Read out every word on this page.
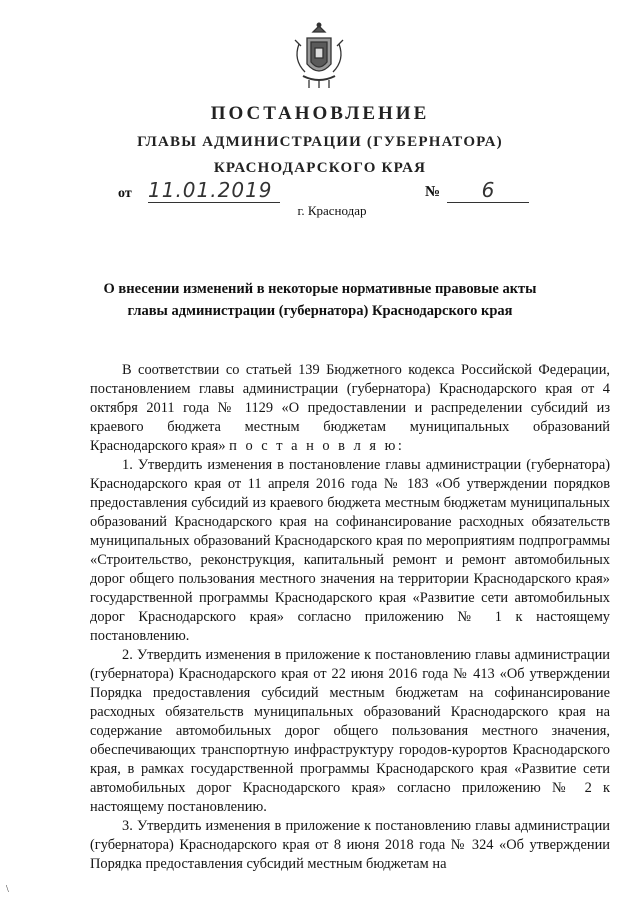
ПОСТАНОВЛЕНИЕ
ГЛАВЫ АДМИНИСТРАЦИИ (ГУБЕРНАТОРА)
КРАСНОДАРСКОГО КРАЯ
от 11.01.2019	№	6
г. Краснодар
О внесении изменений в некоторые нормативные правовые акты
главы администрации (губернатора) Краснодарского края

В соответствии со статьей 139 Бюджетного кодекса Российской Федерации, постановлением главы администрации (губернатора) Краснодарского края от 4 октября 2011 года № 1129 «О предоставлении и распределении субсидий из краевого бюджета местным бюджетам муниципальных образований Краснодарского края» п о с т а н о в л я ю:

1. Утвердить изменения в постановление главы администрации (губернатора) Краснодарского края от 11 апреля 2016 года № 183 «Об утверждении порядков предоставления субсидий из краевого бюджета местным бюджетам муниципальных образований Краснодарского края на софинансирование расходных обязательств муниципальных образований Краснодарского края по мероприятиям подпрограммы «Строительство, реконструкция, капитальный ремонт и ремонт автомобильных дорог общего пользования местного значения на территории Краснодарского края» государственной программы Краснодарского края «Развитие сети автомобильных дорог Краснодарского края» согласно приложению № 1 к настоящему постановлению.

2. Утвердить изменения в приложение к постановлению главы администрации (губернатора) Краснодарского края от 22 июня 2016 года № 413 «Об утверждении Порядка предоставления субсидий местным бюджетам на софинансирование расходных обязательств муниципальных образований Краснодарского края на содержание автомобильных дорог общего пользования местного значения, обеспечивающих транспортную инфраструктуру городов-курортов Краснодарского края, в рамках государственной программы Краснодарского края «Развитие сети автомобильных дорог Краснодарского края» согласно приложению № 2 к настоящему постановлению.

3. Утвердить изменения в приложение к постановлению главы администрации (губернатора) Краснодарского края от 8 июня 2018 года № 324 «Об утверждении Порядка предоставления субсидий местным бюджетам на

\
